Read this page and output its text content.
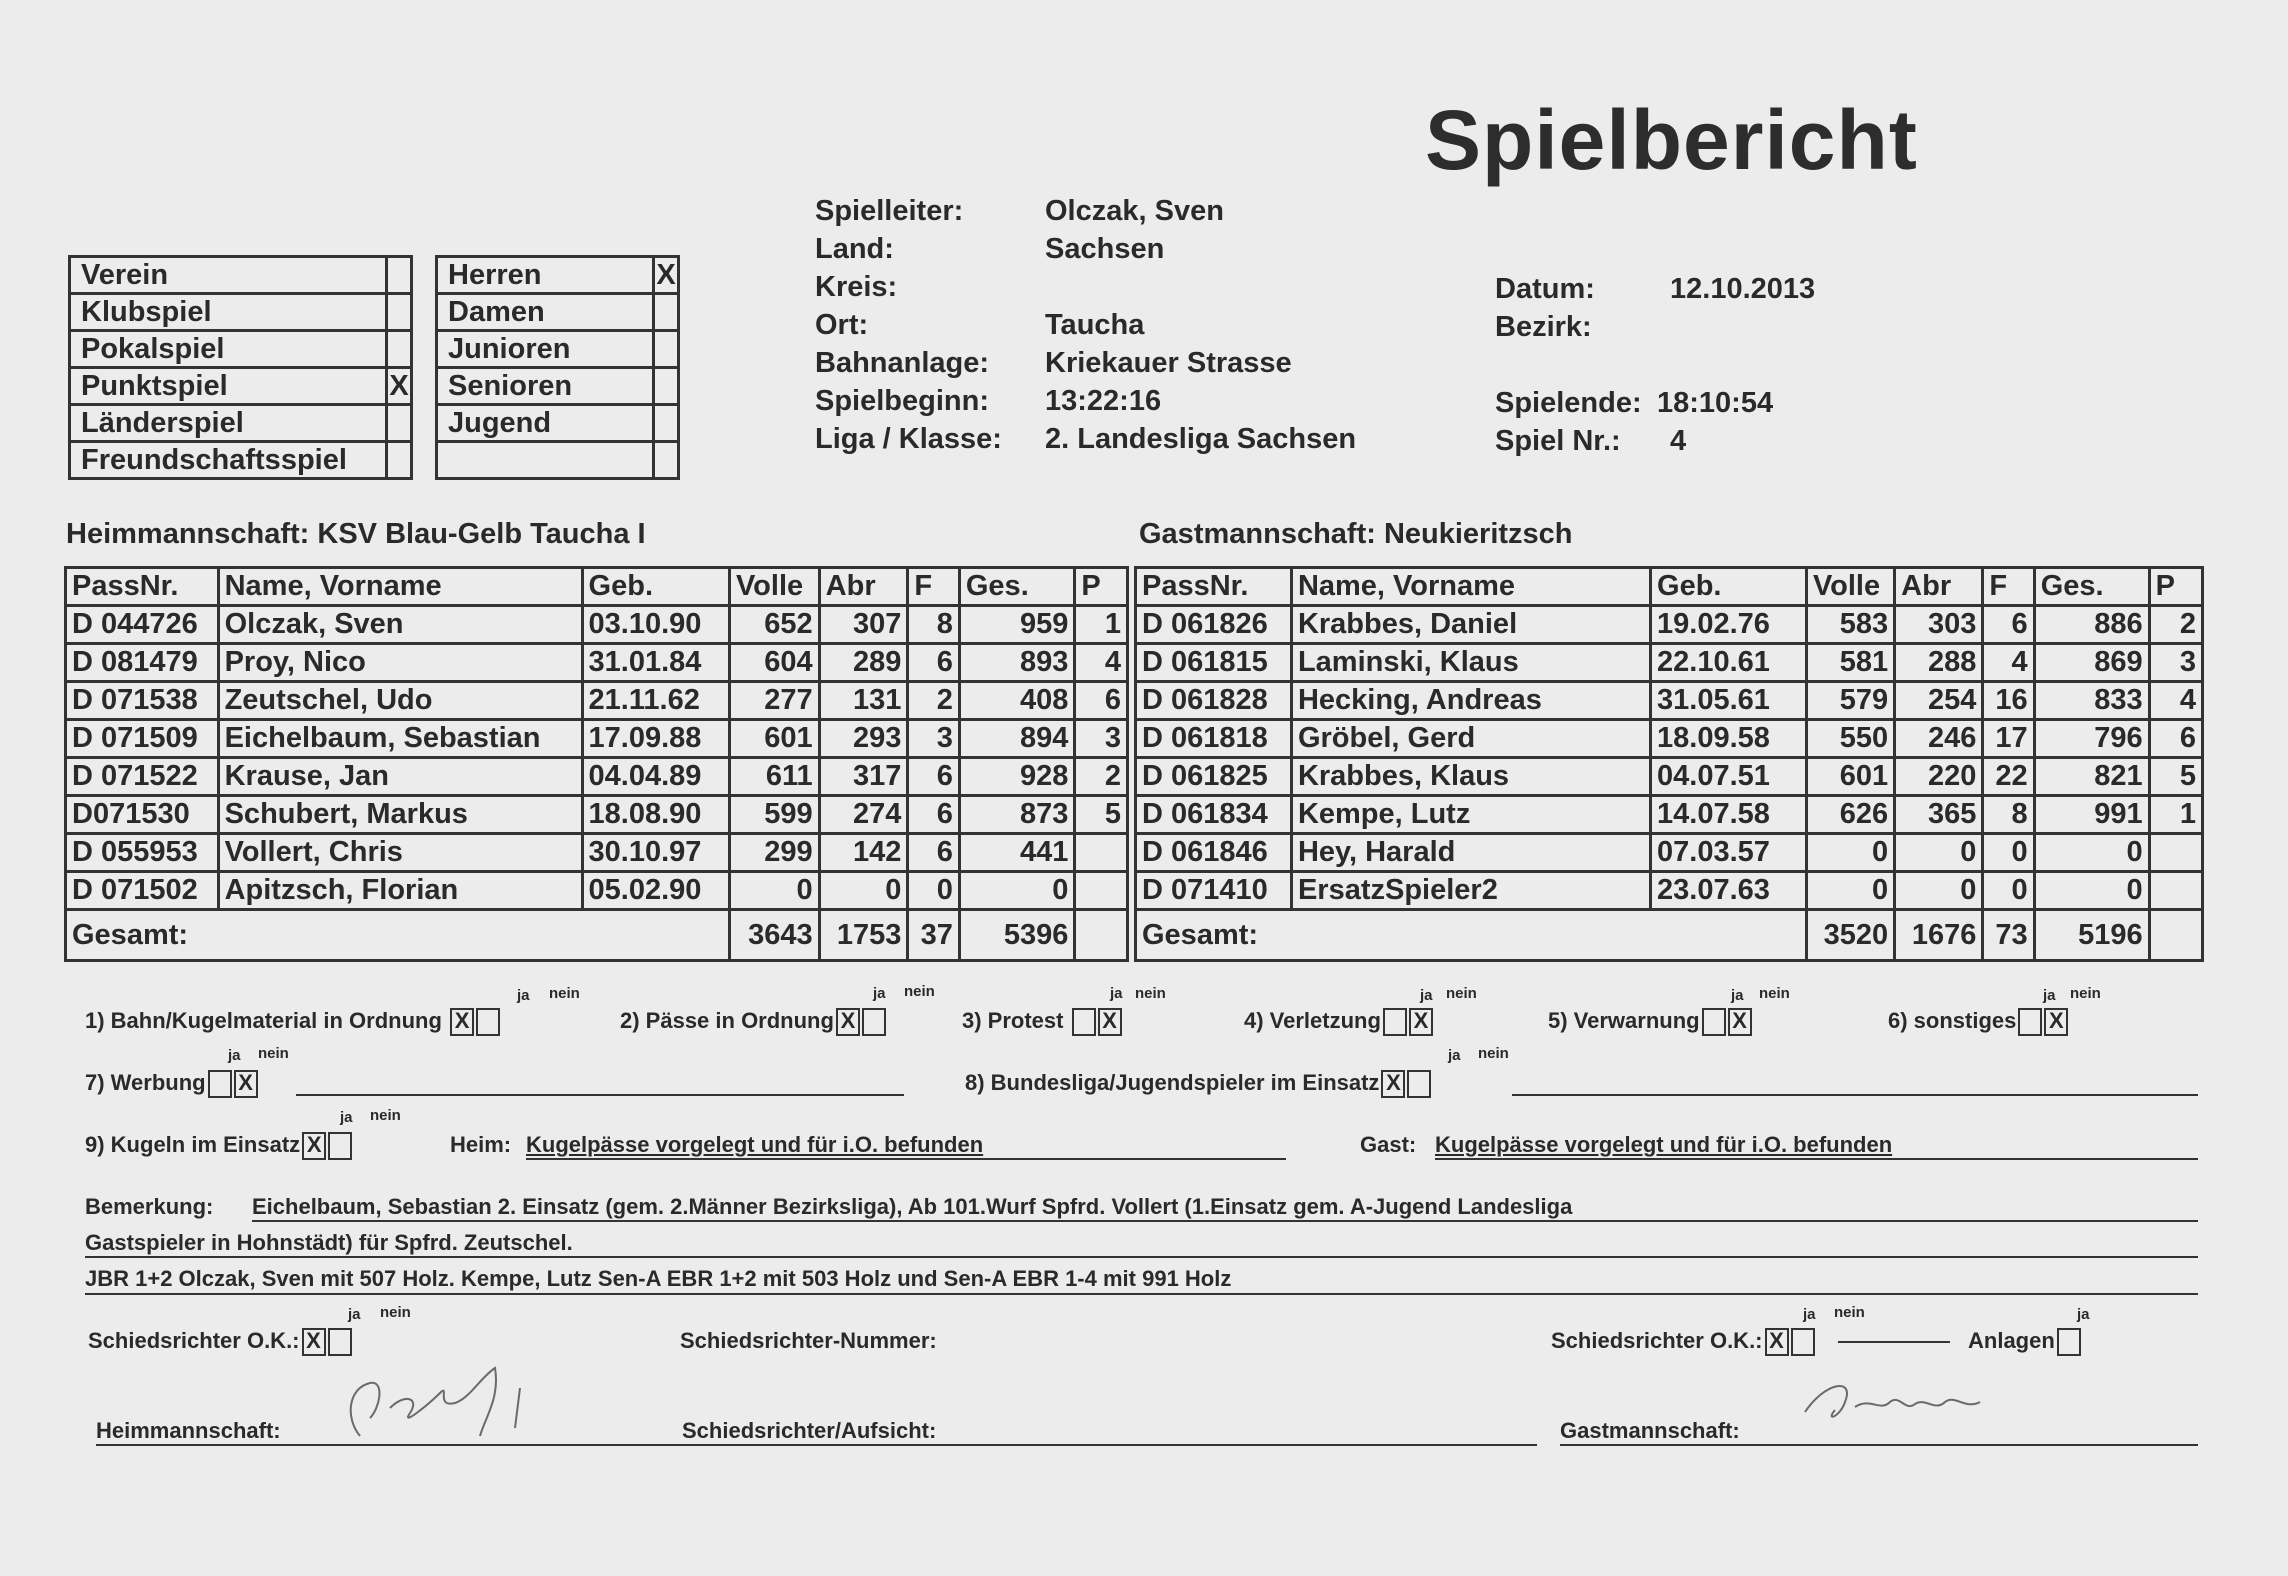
Spielbericht
Spielleiter:	Olczak, Sven
Land:	Sachsen
Kreis:
Ort:	Taucha
Bahnanlage: Kriekauer Strasse
Spielbeginn: 13:22:16
Liga / Klasse: 2. Landesliga Sachsen
Datum:	12.10.2013
Bezirk:
Spielende: 18:10:54
Spiel Nr.: 4
Verein	
Klubspiel	
Pokalspiel	
Punktspiel	X
Länderspiel	
Freundschaftsspiel	
Herren	X
Damen	
Junioren	
Senioren	
Jugend	

Heimmannschaft: KSV Blau-Gelb Taucha I	Gastmannschaft: Neukieritzsch
PassNr.	Name, Vorname	Geb.	Volle	Abr	F	Ges.	P
D 044726	Olczak, Sven	03.10.90	652	307	8	959	1
D 081479	Proy, Nico	31.01.84	604	289	6	893	4
D 071538	Zeutschel, Udo	21.11.62	277	131	2	408	6
D 071509	Eichelbaum, Sebastian	17.09.88	601	293	3	894	3
D 071522	Krause, Jan	04.04.89	611	317	6	928	2
D071530	Schubert, Markus	18.08.90	599	274	6	873	5
D 055953	Vollert, Chris	30.10.97	299	142	6	441	
D 071502	Apitzsch, Florian	05.02.90	0	0	0	0	
Gesamt:			3643	1753	37	5396	
PassNr.	Name, Vorname	Geb.	Volle	Abr	F	Ges.	P
D 061826	Krabbes, Daniel	19.02.76	583	303	6	886	2
D 061815	Laminski, Klaus	22.10.61	581	288	4	869	3
D 061828	Hecking, Andreas	31.05.61	579	254	16	833	4
D 061818	Gröbel, Gerd	18.09.58	550	246	17	796	6
D 061825	Krabbes, Klaus	04.07.51	601	220	22	821	5
D 061834	Kempe, Lutz	14.07.58	626	365	8	991	1
D 061846	Hey, Harald	07.03.57	0	0	0	0	
D 071410	ErsatzSpieler2	23.07.63	0	0	0	0	
Gesamt:			3520	1676	73	5196	
1) Bahn/Kugelmaterial in Ordnung X
ja nein
2) Pässe in Ordnung X
ja nein
3) Protest X
ja nein
4) Verletzung X
ja nein
5) Verwarnung X
ja nein
6) sonstiges X
ja nein
7) Werbung X
ja nein
8) Bundesliga/Jugendspieler im Einsatz X
ja nein
9) Kugeln im Einsatz X
ja nein
Heim: Kugelpässe vorgelegt und für i.O. befunden	Gast: Kugelpässe vorgelegt und für i.O. befunden
Bemerkung: Eichelbaum, Sebastian 2. Einsatz (gem. 2.Männer Bezirksliga), Ab 101.Wurf Spfrd. Vollert (1.Einsatz gem. A-Jugend Landesliga
Gastspieler in Hohnstädt) für Spfrd. Zeutschel.
JBR 1+2 Olczak, Sven mit 507 Holz. Kempe, Lutz Sen-A EBR 1+2 mit 503 Holz und Sen-A EBR 1-4 mit 991 Holz
Schiedsrichter O.K.: X
ja nein
Schiedsrichter-Nummer:	Schiedsrichter O.K.: X
ja nein
Anlagen
ja
Heimmannschaft:	Schiedsrichter/Aufsicht:	Gastmannschaft:
